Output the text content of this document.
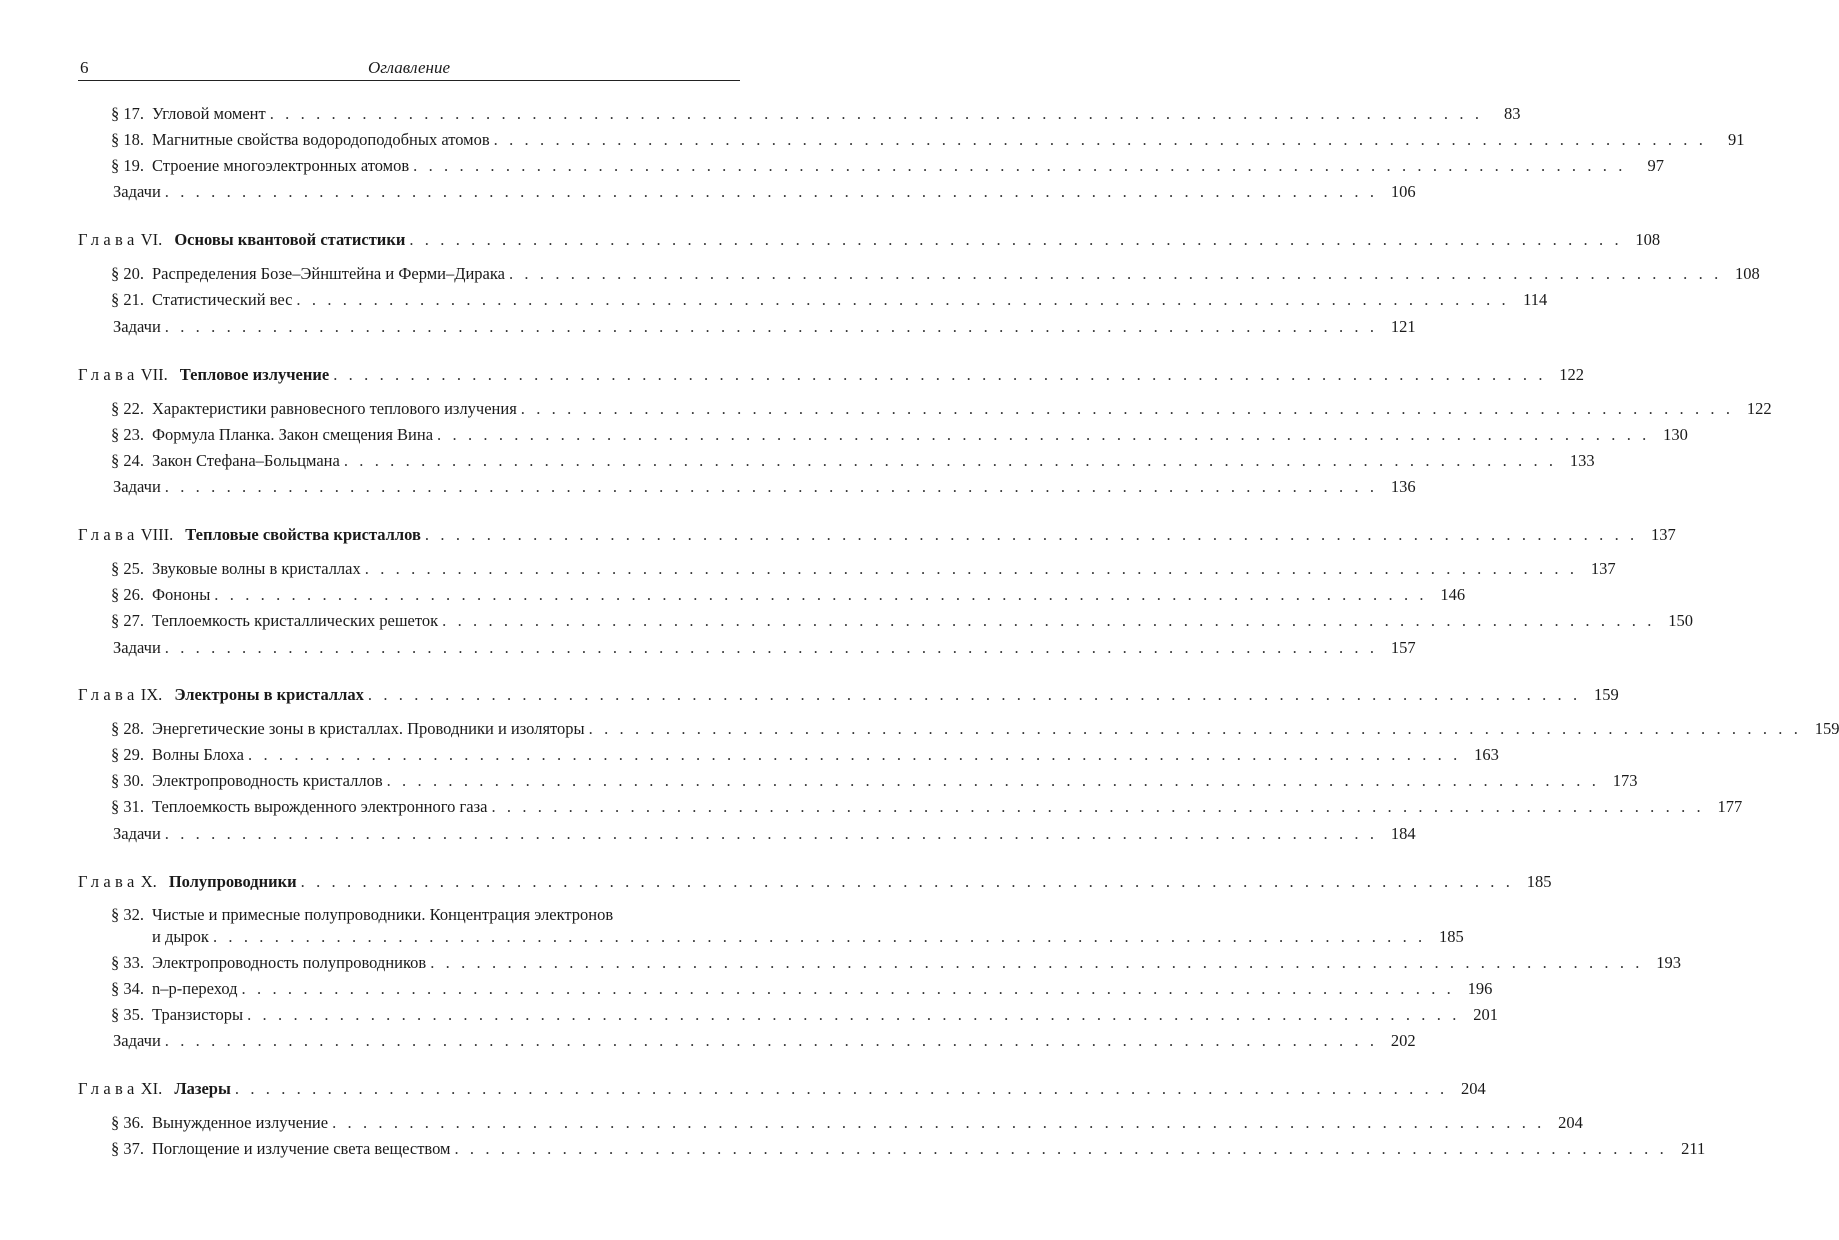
6	Оглавление
§ 17. Угловой момент . . . . . . . . . . . . . . . . . . . . . . . . . . . . . . . . . . . . . . . . . . . . . . . . . . . . . . . . . . . . . . . . . . . . . . . . . . . . . . .	83
§ 18. Магнитные свойства водородоподобных атомов . . . . . . . . . . . . . . . . . . . . . . . . . . . . . . . . . . . . . . . . . . . . . . . . . . . . . . . . . . . . . . . . . . . . . . . . . . . . . . .	91
§ 19. Строение многоэлектронных атомов . . . . . . . . . . . . . . . . . . . . . . . . . . . . . . . . . . . . . . . . . . . . . . . . . . . . . . . . . . . . . . . . . . . . . . . . . . . . . . .	97
Задачи . . . . . . . . . . . . . . . . . . . . . . . . . . . . . . . . . . . . . . . . . . . . . . . . . . . . . . . . . . . . . . . . . . . . . . . . . . . . . . . 106
Глава VI. Основы квантовой статистики . . . . . . . . . . . . . . . . . . . . . . . . . . . . . . . . . . . . . . . . . . . . . . . . . . . . . . . . . . . . . . . . . . . . . . . . . . . . . . . 108
§ 20. Распределения Бозе–Эйнштейна и Ферми–Дирака . . . . . . . . . . . . . . . . . . . . . . . . . . . . . . . . . . . . . . . . . . . . . . . . . . . . . . . . . . . . . . . . . . . . . . . . . . . . . . . 108
§ 21. Статистический вес . . . . . . . . . . . . . . . . . . . . . . . . . . . . . . . . . . . . . . . . . . . . . . . . . . . . . . . . . . . . . . . . . . . . . . . . . . . . . . . 114
Задачи . . . . . . . . . . . . . . . . . . . . . . . . . . . . . . . . . . . . . . . . . . . . . . . . . . . . . . . . . . . . . . . . . . . . . . . . . . . . . . . 121
Глава VII. Тепловое излучение . . . . . . . . . . . . . . . . . . . . . . . . . . . . . . . . . . . . . . . . . . . . . . . . . . . . . . . . . . . . . . . . . . . . . . . . . . . . . . . 122
§ 22. Характеристики равновесного теплового излучения . . . . . . . . . . . . . . . . . . . . . . . . . . . . . . . . . . . . . . . . . . . . . . . . . . . . . . . . . . . . . . . . . . . . . . . . . . . . . . . 122
§ 23. Формула Планка. Закон смещения Вина . . . . . . . . . . . . . . . . . . . . . . . . . . . . . . . . . . . . . . . . . . . . . . . . . . . . . . . . . . . . . . . . . . . . . . . . . . . . . . . 130
§ 24. Закон Стефана–Больцмана . . . . . . . . . . . . . . . . . . . . . . . . . . . . . . . . . . . . . . . . . . . . . . . . . . . . . . . . . . . . . . . . . . . . . . . . . . . . . . . 133
Задачи . . . . . . . . . . . . . . . . . . . . . . . . . . . . . . . . . . . . . . . . . . . . . . . . . . . . . . . . . . . . . . . . . . . . . . . . . . . . . . . 136
Глава VIII. Тепловые свойства кристаллов . . . . . . . . . . . . . . . . . . . . . . . . . . . . . . . . . . . . . . . . . . . . . . . . . . . . . . . . . . . . . . . . . . . . . . . . . . . . . . . 137
§ 25. Звуковые волны в кристаллах . . . . . . . . . . . . . . . . . . . . . . . . . . . . . . . . . . . . . . . . . . . . . . . . . . . . . . . . . . . . . . . . . . . . . . . . . . . . . . . 137
§ 26. Фононы . . . . . . . . . . . . . . . . . . . . . . . . . . . . . . . . . . . . . . . . . . . . . . . . . . . . . . . . . . . . . . . . . . . . . . . . . . . . . . . 146
§ 27. Теплоемкость кристаллических решеток . . . . . . . . . . . . . . . . . . . . . . . . . . . . . . . . . . . . . . . . . . . . . . . . . . . . . . . . . . . . . . . . . . . . . . . . . . . . . . . 150
Задачи . . . . . . . . . . . . . . . . . . . . . . . . . . . . . . . . . . . . . . . . . . . . . . . . . . . . . . . . . . . . . . . . . . . . . . . . . . . . . . . 157
Глава IX. Электроны в кристаллах . . . . . . . . . . . . . . . . . . . . . . . . . . . . . . . . . . . . . . . . . . . . . . . . . . . . . . . . . . . . . . . . . . . . . . . . . . . . . . . 159
§ 28. Энергетические зоны в кристаллах. Проводники и изоляторы . . . . . . . . . . . . . . . . . . . . . . . . . . . . . . . . . . . . . . . . . . . . . . . . . . . . . . . . . . . . . . . . . . . . . . . . . . . . . . . 159
§ 29. Волны Блоха . . . . . . . . . . . . . . . . . . . . . . . . . . . . . . . . . . . . . . . . . . . . . . . . . . . . . . . . . . . . . . . . . . . . . . . . . . . . . . . 163
§ 30. Электропроводность кристаллов . . . . . . . . . . . . . . . . . . . . . . . . . . . . . . . . . . . . . . . . . . . . . . . . . . . . . . . . . . . . . . . . . . . . . . . . . . . . . . . 173
§ 31. Теплоемкость вырожденного электронного газа . . . . . . . . . . . . . . . . . . . . . . . . . . . . . . . . . . . . . . . . . . . . . . . . . . . . . . . . . . . . . . . . . . . . . . . . . . . . . . . 177
Задачи . . . . . . . . . . . . . . . . . . . . . . . . . . . . . . . . . . . . . . . . . . . . . . . . . . . . . . . . . . . . . . . . . . . . . . . . . . . . . . . 184
Глава X. Полупроводники . . . . . . . . . . . . . . . . . . . . . . . . . . . . . . . . . . . . . . . . . . . . . . . . . . . . . . . . . . . . . . . . . . . . . . . . . . . . . . . 185
§ 32. Чистые и примесные полупроводники. Концентрация электронов
и дырок . . . . . . . . . . . . . . . . . . . . . . . . . . . . . . . . . . . . . . . . . . . . . . . . . . . . . . . . . . . . . . . . . . . . . . . . . . . . . . . 185
§ 33. Электропроводность полупроводников . . . . . . . . . . . . . . . . . . . . . . . . . . . . . . . . . . . . . . . . . . . . . . . . . . . . . . . . . . . . . . . . . . . . . . . . . . . . . . . 193
§ 34. n–p-переход . . . . . . . . . . . . . . . . . . . . . . . . . . . . . . . . . . . . . . . . . . . . . . . . . . . . . . . . . . . . . . . . . . . . . . . . . . . . . . . 196
§ 35. Транзисторы . . . . . . . . . . . . . . . . . . . . . . . . . . . . . . . . . . . . . . . . . . . . . . . . . . . . . . . . . . . . . . . . . . . . . . . . . . . . . . . 201
Задачи . . . . . . . . . . . . . . . . . . . . . . . . . . . . . . . . . . . . . . . . . . . . . . . . . . . . . . . . . . . . . . . . . . . . . . . . . . . . . . . 202
Глава XI. Лазеры . . . . . . . . . . . . . . . . . . . . . . . . . . . . . . . . . . . . . . . . . . . . . . . . . . . . . . . . . . . . . . . . . . . . . . . . . . . . . . . 204
§ 36. Вынужденное излучение . . . . . . . . . . . . . . . . . . . . . . . . . . . . . . . . . . . . . . . . . . . . . . . . . . . . . . . . . . . . . . . . . . . . . . . . . . . . . . . 204
§ 37. Поглощение и излучение света веществом . . . . . . . . . . . . . . . . . . . . . . . . . . . . . . . . . . . . . . . . . . . . . . . . . . . . . . . . . . . . . . . . . . . . . . . . . . . . . . . 211
